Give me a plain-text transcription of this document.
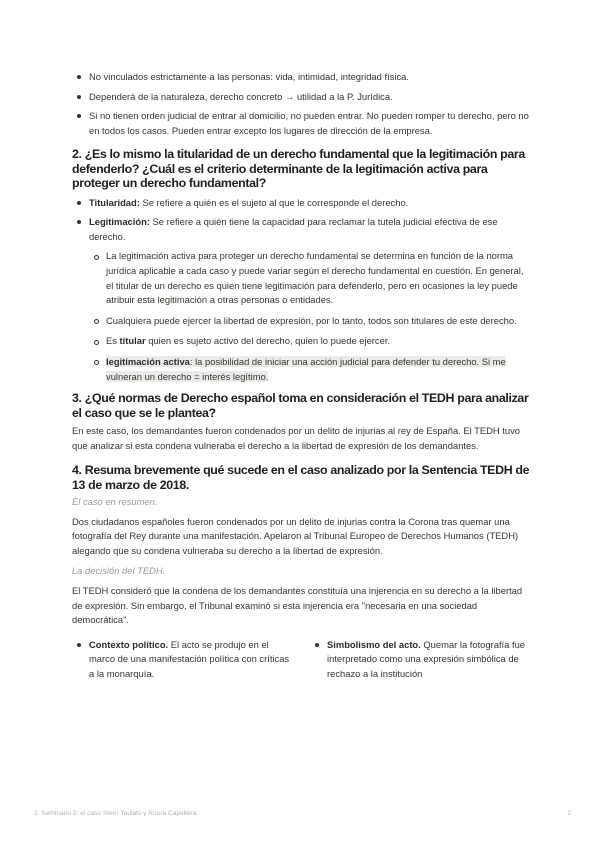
No vinculados estrictamente a las personas: vida, intimidad, integridad física.
Dependerá de la naturaleza, derecho concreto → utilidad a la P. Jurídica.
Si no tienen orden judicial de entrar al domicilio, no pueden entrar. No pueden romper tu derecho, pero no en todos los casos. Pueden entrar excepto los lugares de dirección de la empresa.
2. ¿Es lo mismo la titularidad de un derecho fundamental que la legitimación para defenderlo? ¿Cuál es el criterio determinante de la legitimación activa para proteger un derecho fundamental?
Titularidad: Se refiere a quién es el sujeto al que le corresponde el derecho.
Legitimación: Se refiere a quién tiene la capacidad para reclamar la tutela judicial efectiva de ese derecho.
La legitimación activa para proteger un derecho fundamental se determina en función de la norma jurídica aplicable a cada caso y puede variar según el derecho fundamental en cuestión. En general, el titular de un derecho es quien tiene legitimación para defenderlo, pero en ocasiones la ley puede atribuir esta legitimación a otras personas o entidades.
Cualquiera puede ejercer la libertad de expresión, por lo tanto, todos son titulares de este derecho.
Es titular quien es sujeto activo del derecho, quien lo puede ejercer.
legitimación activa: la posibilidad de iniciar una acción judicial para defender tu derecho. Si me vulneran un derecho = interés legítimo.
3. ¿Qué normas de Derecho español toma en consideración el TEDH para analizar el caso que se le plantea?

En este caso, los demandantes fueron condenados por un delito de injurias al rey de España. El TEDH tuvo que analizar si esta condena vulneraba el derecho a la libertad de expresión de los demandantes.

4. Resuma brevemente qué sucede en el caso analizado por la Sentencia TEDH de 13 de marzo de 2018.

El caso en resumen.

Dos ciudadanos españoles fueron condenados por un delito de injurias contra la Corona tras quemar una fotografía del Rey durante una manifestación. Apelaron al Tribunal Europeo de Derechos Humanos (TEDH) alegando que su condena vulneraba su derecho a la libertad de expresión.

La decisión del TEDH.

El TEDH consideró que la condena de los demandantes constituía una injerencia en su derecho a la libertad de expresión. Sin embargo, el Tribunal examinó si esta injerencia era "necesaria en una sociedad democrática".

Contexto político. El acto se produjo en el marco de una manifestación política con críticas a la monarquía.
Simbolismo del acto. Quemar la fotografía fue interpretado como una expresión simbólica de rechazo a la institución
2. Seminario 2: el caso Stern Taulats y Roura Capellera.	2
